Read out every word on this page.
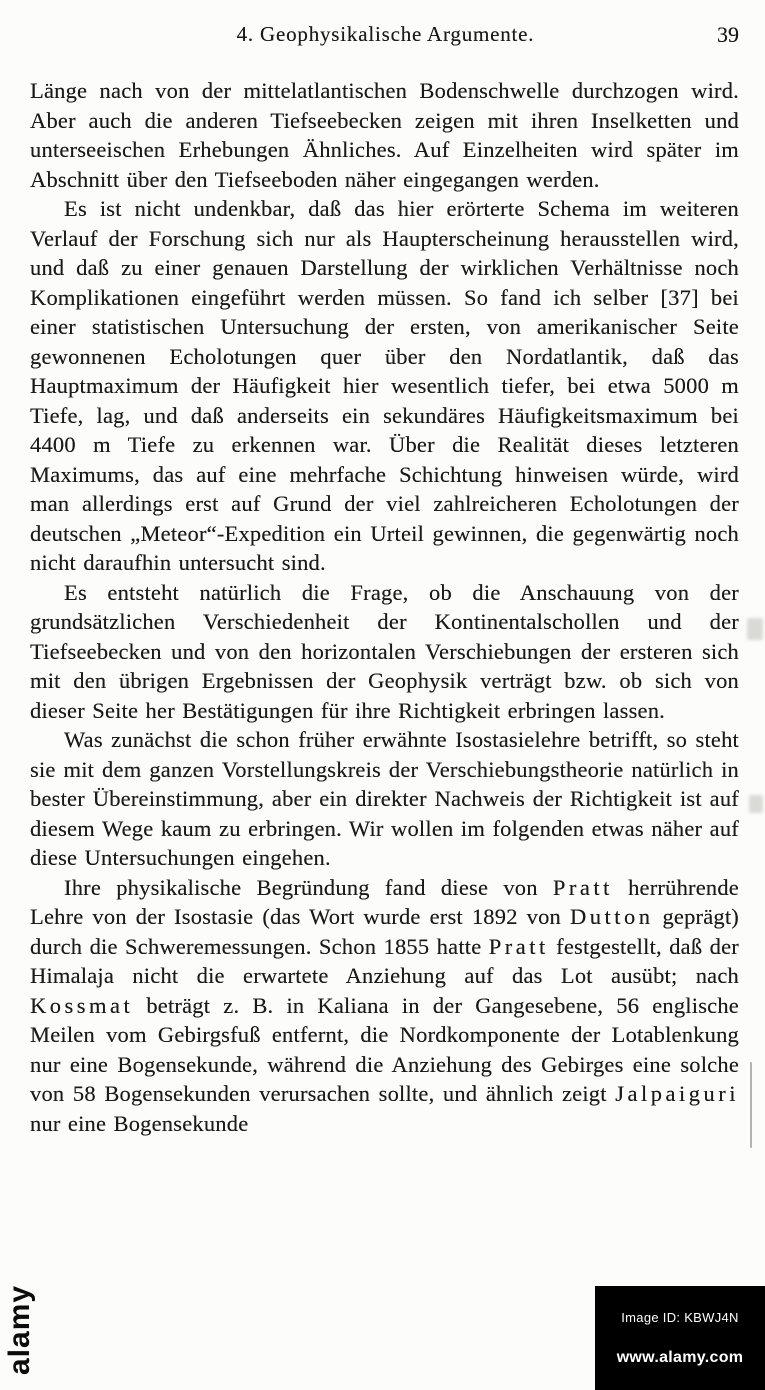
4. Geophysikalische Argumente.	39

Länge nach von der mittelatlantischen Bodenschwelle durchzogen wird. Aber auch die anderen Tiefseebecken zeigen mit ihren Inselketten und unterseeischen Erhebungen Ähnliches. Auf Einzelheiten wird später im Abschnitt über den Tiefseeboden näher eingegangen werden.

Es ist nicht undenkbar, daß das hier erörterte Schema im weiteren Verlauf der Forschung sich nur als Haupterscheinung herausstellen wird, und daß zu einer genauen Darstellung der wirklichen Verhältnisse noch Komplikationen eingeführt werden müssen. So fand ich selber [37] bei einer statistischen Untersuchung der ersten, von amerikanischer Seite gewonnenen Echolotungen quer über den Nordatlantik, daß das Hauptmaximum der Häufigkeit hier wesentlich tiefer, bei etwa 5000 m Tiefe, lag, und daß anderseits ein sekundäres Häufigkeitsmaximum bei 4400 m Tiefe zu erkennen war. Über die Realität dieses letzteren Maximums, das auf eine mehrfache Schichtung hinweisen würde, wird man allerdings erst auf Grund der viel zahlreicheren Echolotungen der deutschen „Meteor“-Expedition ein Urteil gewinnen, die gegenwärtig noch nicht daraufhin untersucht sind.

Es entsteht natürlich die Frage, ob die Anschauung von der grundsätzlichen Verschiedenheit der Kontinentalschollen und der Tiefseebecken und von den horizontalen Verschiebungen der ersteren sich mit den übrigen Ergebnissen der Geophysik verträgt bzw. ob sich von dieser Seite her Bestätigungen für ihre Richtigkeit erbringen lassen.

Was zunächst die schon früher erwähnte Isostasielehre betrifft, so steht sie mit dem ganzen Vorstellungskreis der Verschiebungstheorie natürlich in bester Übereinstimmung, aber ein direkter Nachweis der Richtigkeit ist auf diesem Wege kaum zu erbringen. Wir wollen im folgenden etwas näher auf diese Untersuchungen eingehen.

Ihre physikalische Begründung fand diese von Pratt herrührende Lehre von der Isostasie (das Wort wurde erst 1892 von Dutton geprägt) durch die Schweremessungen. Schon 1855 hatte Pratt festgestellt, daß der Himalaja nicht die erwartete Anziehung auf das Lot ausübt; nach Kossmat beträgt z. B. in Kaliana in der Gangesebene, 56 englische Meilen vom Gebirgsfuß entfernt, die Nordkomponente der Lotablenkung nur eine Bogensekunde, während die Anziehung des Gebirges eine solche von 58 Bogensekunden verursachen sollte, und ähnlich zeigt Jalpaiguri nur eine Bogensekunde

alamy	Image ID: KBWJ4N
www.alamy.com
